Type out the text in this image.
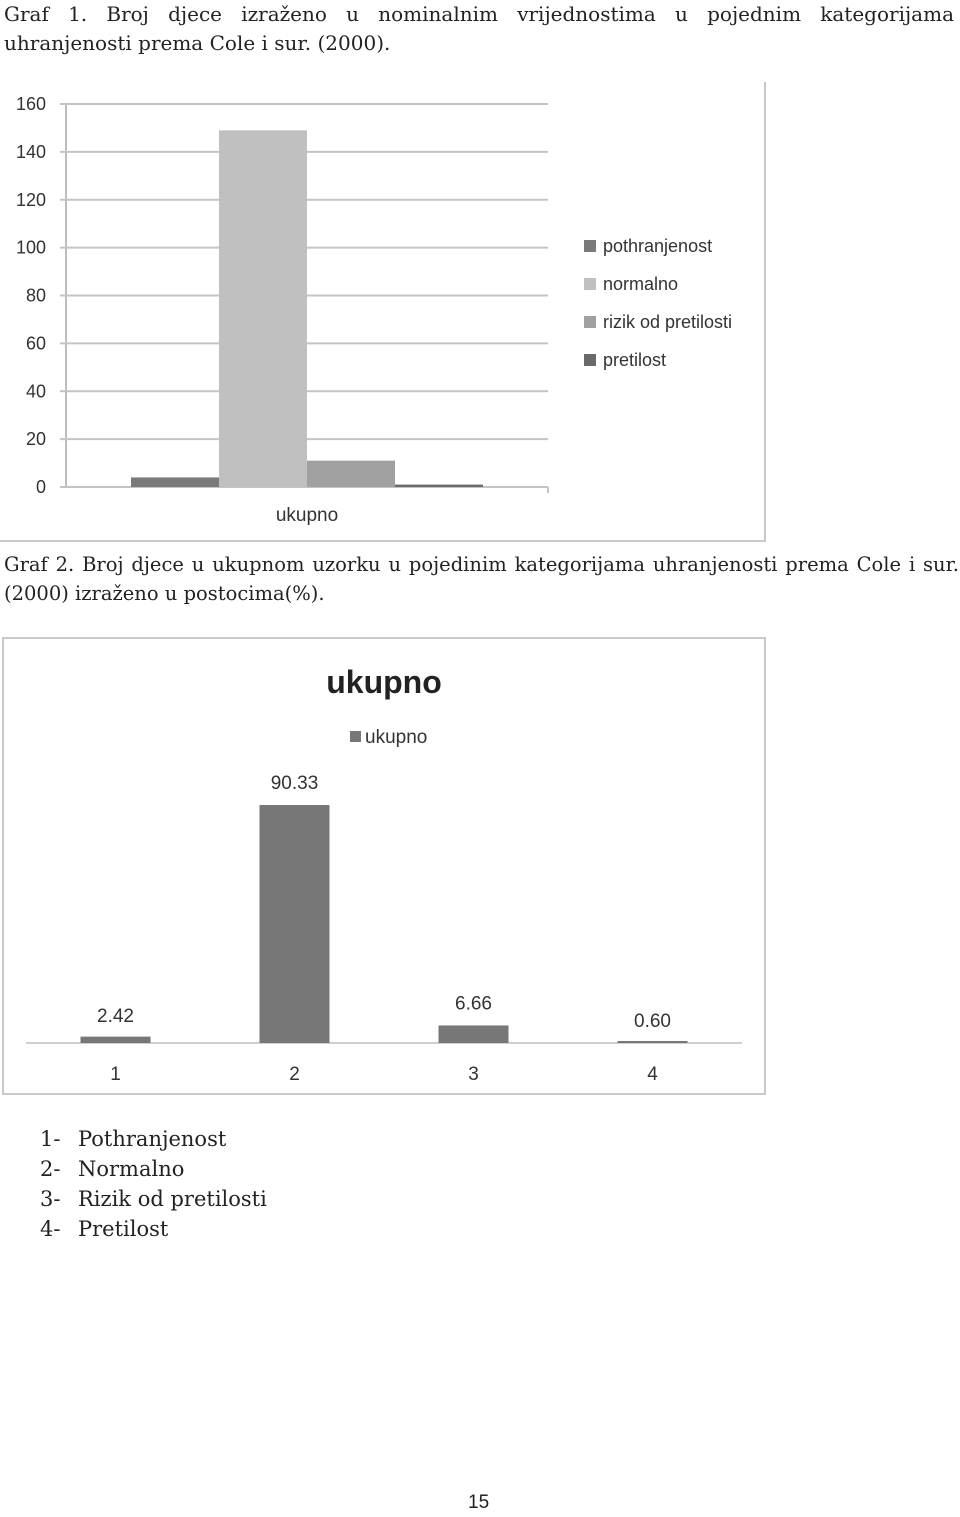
Graf 1. Broj djece izraženo u nominalnim vrijednostima u pojednim kategorijama uhranjenosti prema Cole i sur. (2000).
0
20
40
60
80
100
120
140
160
ukupno
pothranjenost
normalno
rizik od pretilosti
pretilost
Graf 2. Broj djece u ukupnom uzorku u pojedinim kategorijama uhranjenosti prema Cole i sur. (2000) izraženo u postocima(%).
ukupno
ukupno
2.42
1
90.33
2
6.66
3
0.60
4
1- Pothranjenost
2- Normalno
3- Rizik od pretilosti
4- Pretilost
15
